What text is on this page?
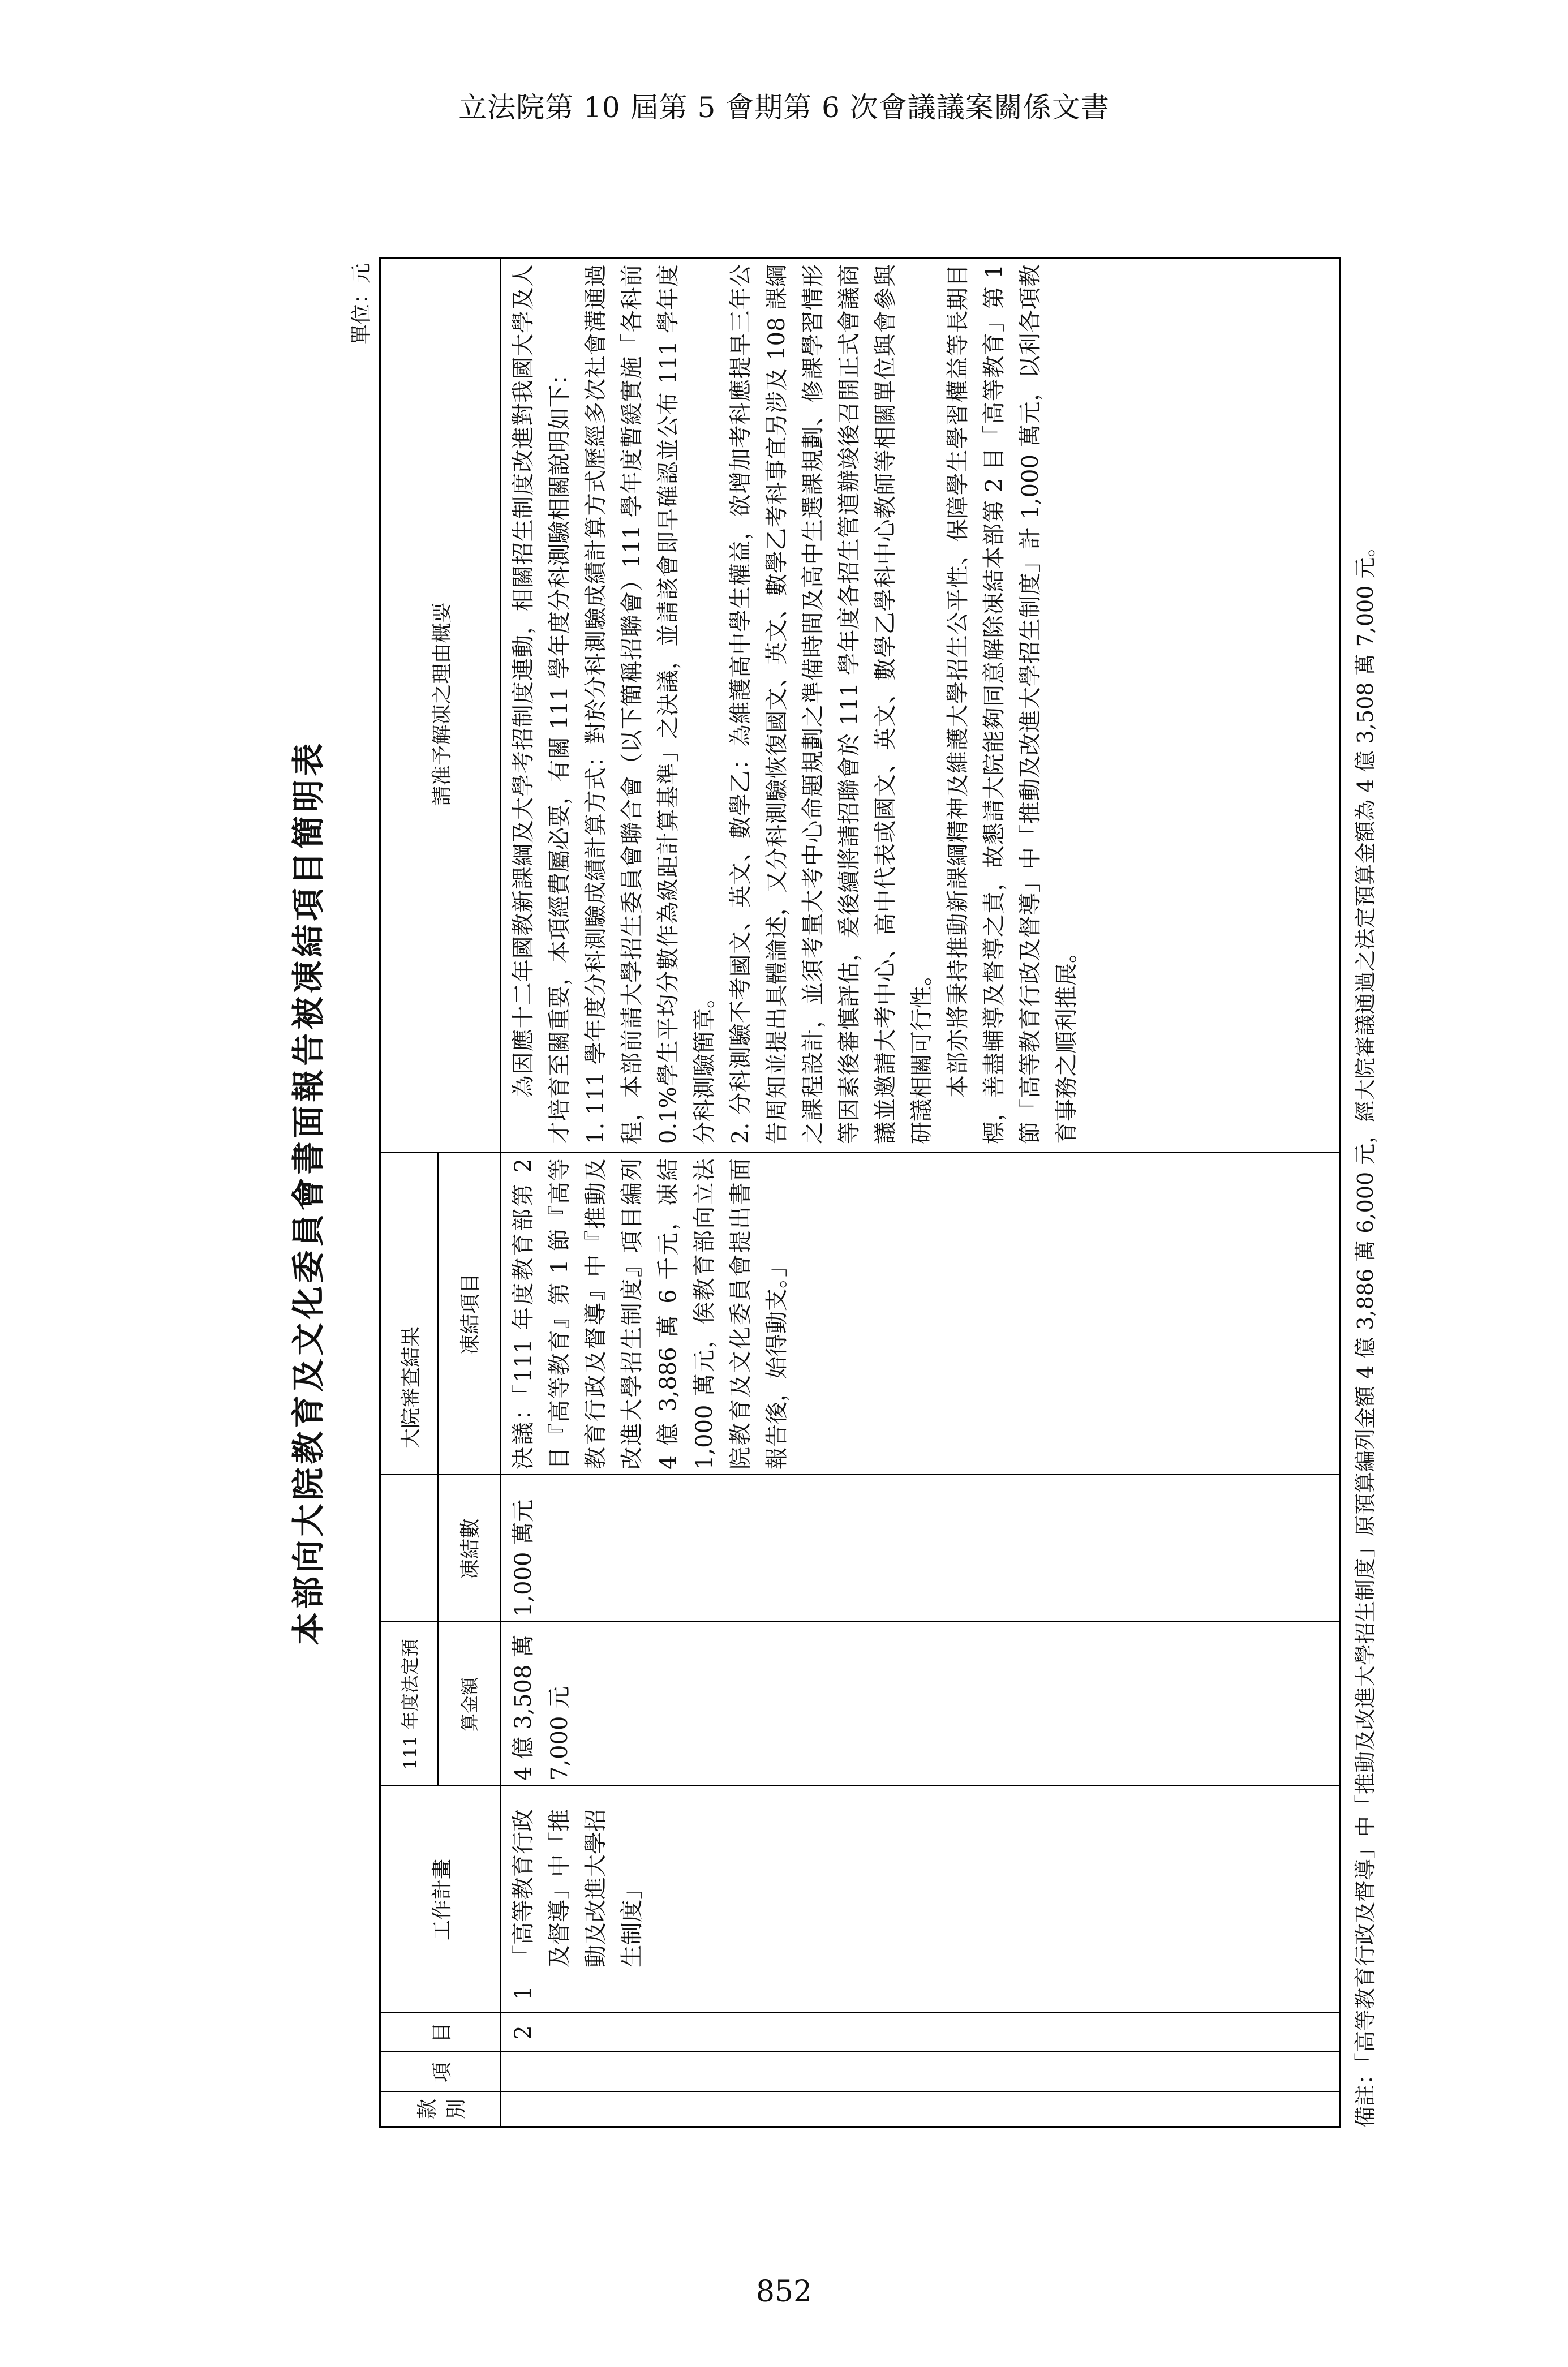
立法院第 10 屆第 5 會期第 6 次會議議案關係文書
本部向大院教育及文化委員會書面報告被凍結項目簡明表
單位：元
款別
項
目
工作計畫
111 年度法定預	算金額
大院審查結果
凍結數
凍結項目
請准予解凍之理由概要
2
1
「高等教育行政及督導」中「推動及改進大學招生制度」
4 億 3,508 萬 7,000 元
1,000 萬元
決議：「111 年度教育部第 2 目『高等教育』第 1 節『高等教育行政及督導』中『推動及改進大學招生制度』項目編列 4 億 3,886 萬 6 千元，凍結 1,000 萬元，俟教育部向立法院教育及文化委員會提出書面報告後，始得動支。」

　　為因應十二年國教新課綱及大學考招制度連動，相關招生制度改進對我國大學及人才培育至關重要，本項經費屬必要，有關 111 學年度分科測驗相關說明如下： 1. 111 學年度分科測驗成績計算方式：對於分科測驗成績計算方式歷經多次社會溝通過程，本部前請大學招生委員會聯合會（以下簡稱招聯會）111 學年度暫緩實施「各科前 0.1%學生平均分數作為級距計算基準」之決議，並請該會即早確認並公布 111 學年度分科測驗簡章。 2. 分科測驗不考國文、英文、數學乙：為維護高中學生權益，欲增加考科應提早三年公告周知並提出具體論述，又分科測驗恢復國文、英文、數學乙考科事宜另涉及 108 課綱之課程設計，並須考量大考中心命題規劃之準備時間及高中生選課規劃、修課學習情形等因素後審慎評估，爰後續將請招聯會於 111 學年度各招生管道辦竣後召開正式會議商議並邀請大考中心、高中代表或國文、英文、數學乙學科中心教師等相關單位與會參與研議相關可行性。 　　本部亦將秉持推動新課綱精神及維護大學招生公平性、保障學生學習權益等長期目標，善盡輔導及督導之責，故懇請大院能夠同意解除凍結本部第 2 目「高等教育」第 1 節「高等教育行政及督導」中「推動及改進大學招生制度」計 1,000 萬元，以利各項教育事務之順利推展。	備註：「高等教育行政及督導」中「推動及改進大學招生制度」原預算編列金額 4 億 3,886 萬 6,000 元，經大院審議通過之法定預算金額為 4 億 3,508 萬 7,000 元。
852
